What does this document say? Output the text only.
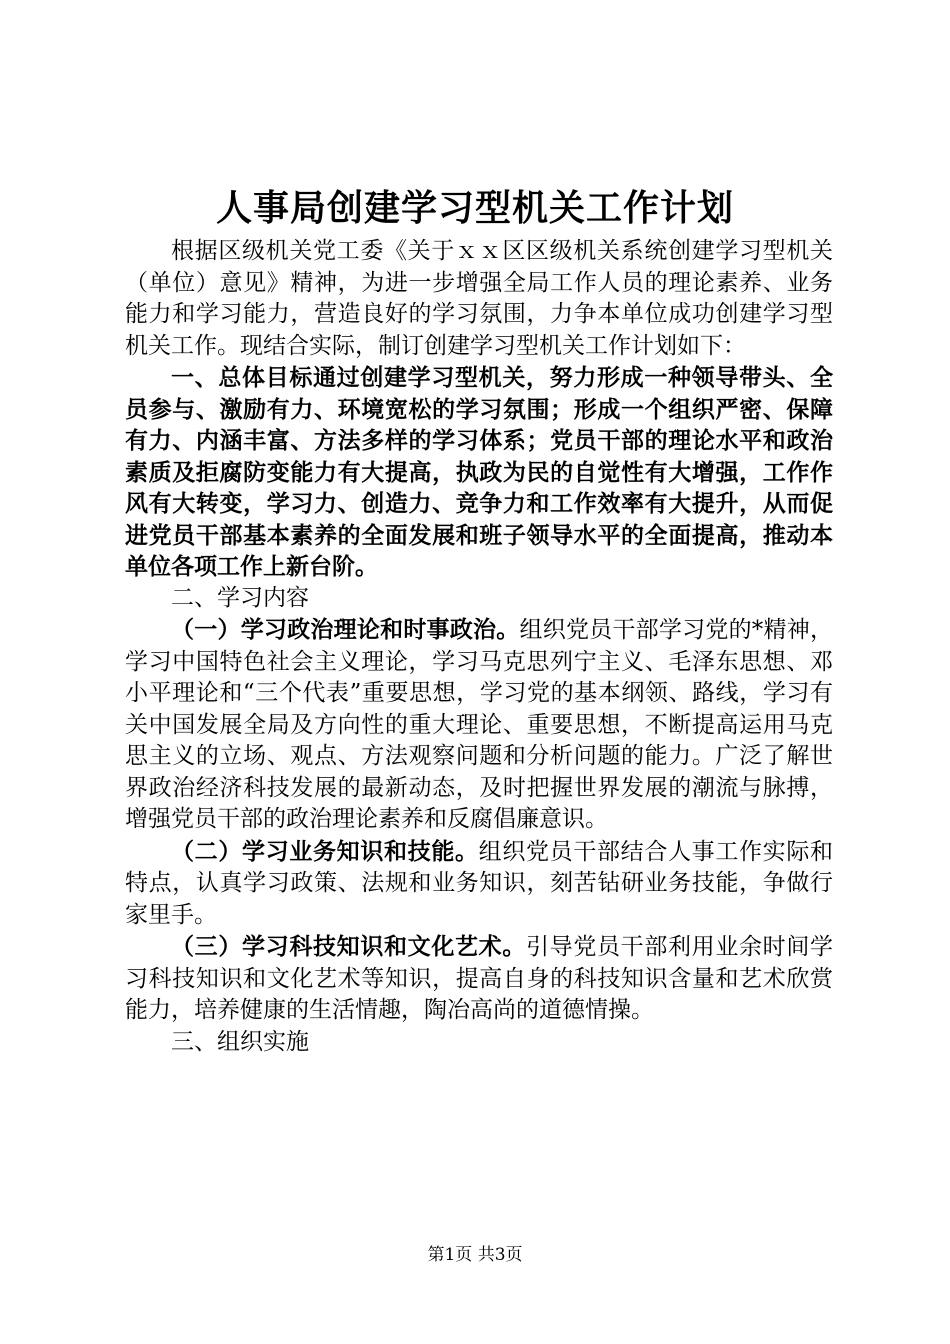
人事局创建学习型机关工作计划

根据区级机关党工委《关于ｘｘ区区级机关系统创建学习型机关（单位）意见》精神，为进一步增强全局工作人员的理论素养、业务能力和学习能力，营造良好的学习氛围，力争本单位成功创建学习型机关工作。现结合实际，制订创建学习型机关工作计划如下：

一、总体目标通过创建学习型机关，努力形成一种领导带头、全员参与、激励有力、环境宽松的学习氛围；形成一个组织严密、保障有力、内涵丰富、方法多样的学习体系；党员干部的理论水平和政治素质及拒腐防变能力有大提高，执政为民的自觉性有大增强，工作作风有大转变，学习力、创造力、竞争力和工作效率有大提升，从而促进党员干部基本素养的全面发展和班子领导水平的全面提高，推动本单位各项工作上新台阶。

二、学习内容

（一）学习政治理论和时事政治。组织党员干部学习党的*精神，学习中国特色社会主义理论，学习马克思列宁主义、毛泽东思想、邓小平理论和“三个代表”重要思想，学习党的基本纲领、路线，学习有关中国发展全局及方向性的重大理论、重要思想，不断提高运用马克思主义的立场、观点、方法观察问题和分析问题的能力。广泛了解世界政治经济科技发展的最新动态，及时把握世界发展的潮流与脉搏，增强党员干部的政治理论素养和反腐倡廉意识。

（二）学习业务知识和技能。组织党员干部结合人事工作实际和特点，认真学习政策、法规和业务知识，刻苦钻研业务技能，争做行家里手。

（三）学习科技知识和文化艺术。引导党员干部利用业余时间学习科技知识和文化艺术等知识，提高自身的科技知识含量和艺术欣赏能力，培养健康的生活情趣，陶冶高尚的道德情操。

三、组织实施

第1页 共3页
